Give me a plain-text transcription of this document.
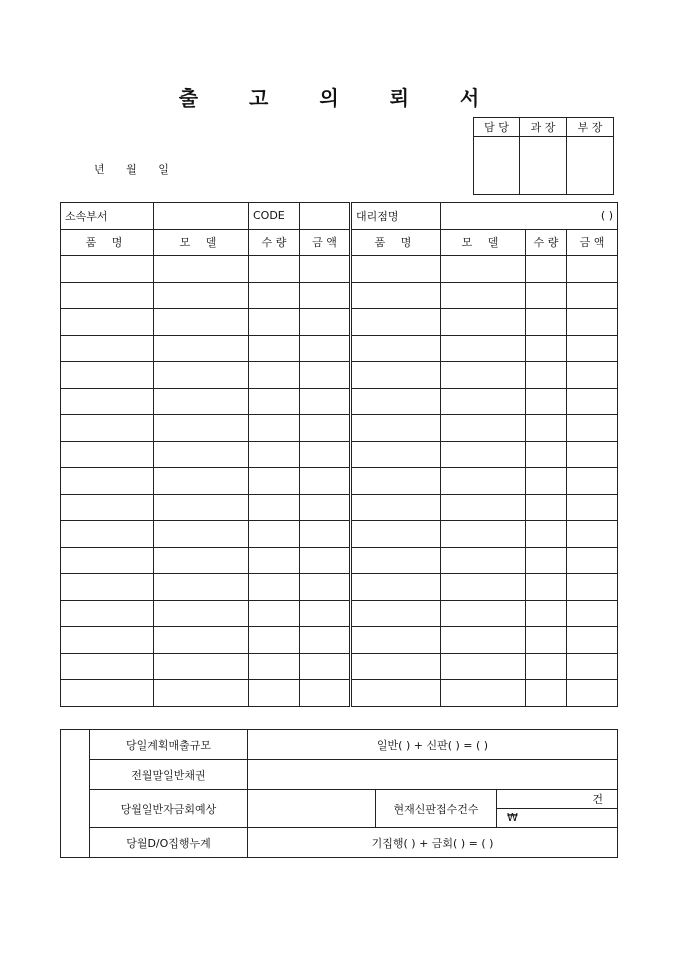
출 고 의 뢰 서
담 당	과 장	부 장

년 월 일
소속부서		CODE		대리점명	( )		
품 명	모 델	수 량	금 액	품 명	모 델	수 량	금 액

	당일계획매출규모	일반( ) + 신판( ) = ( )		
	전월말일반채권			
	당월일반자금회예상		현재신판접수건수	건
₩

	당월D/O집행누계	기집행( ) + 금회( ) = ( )		
